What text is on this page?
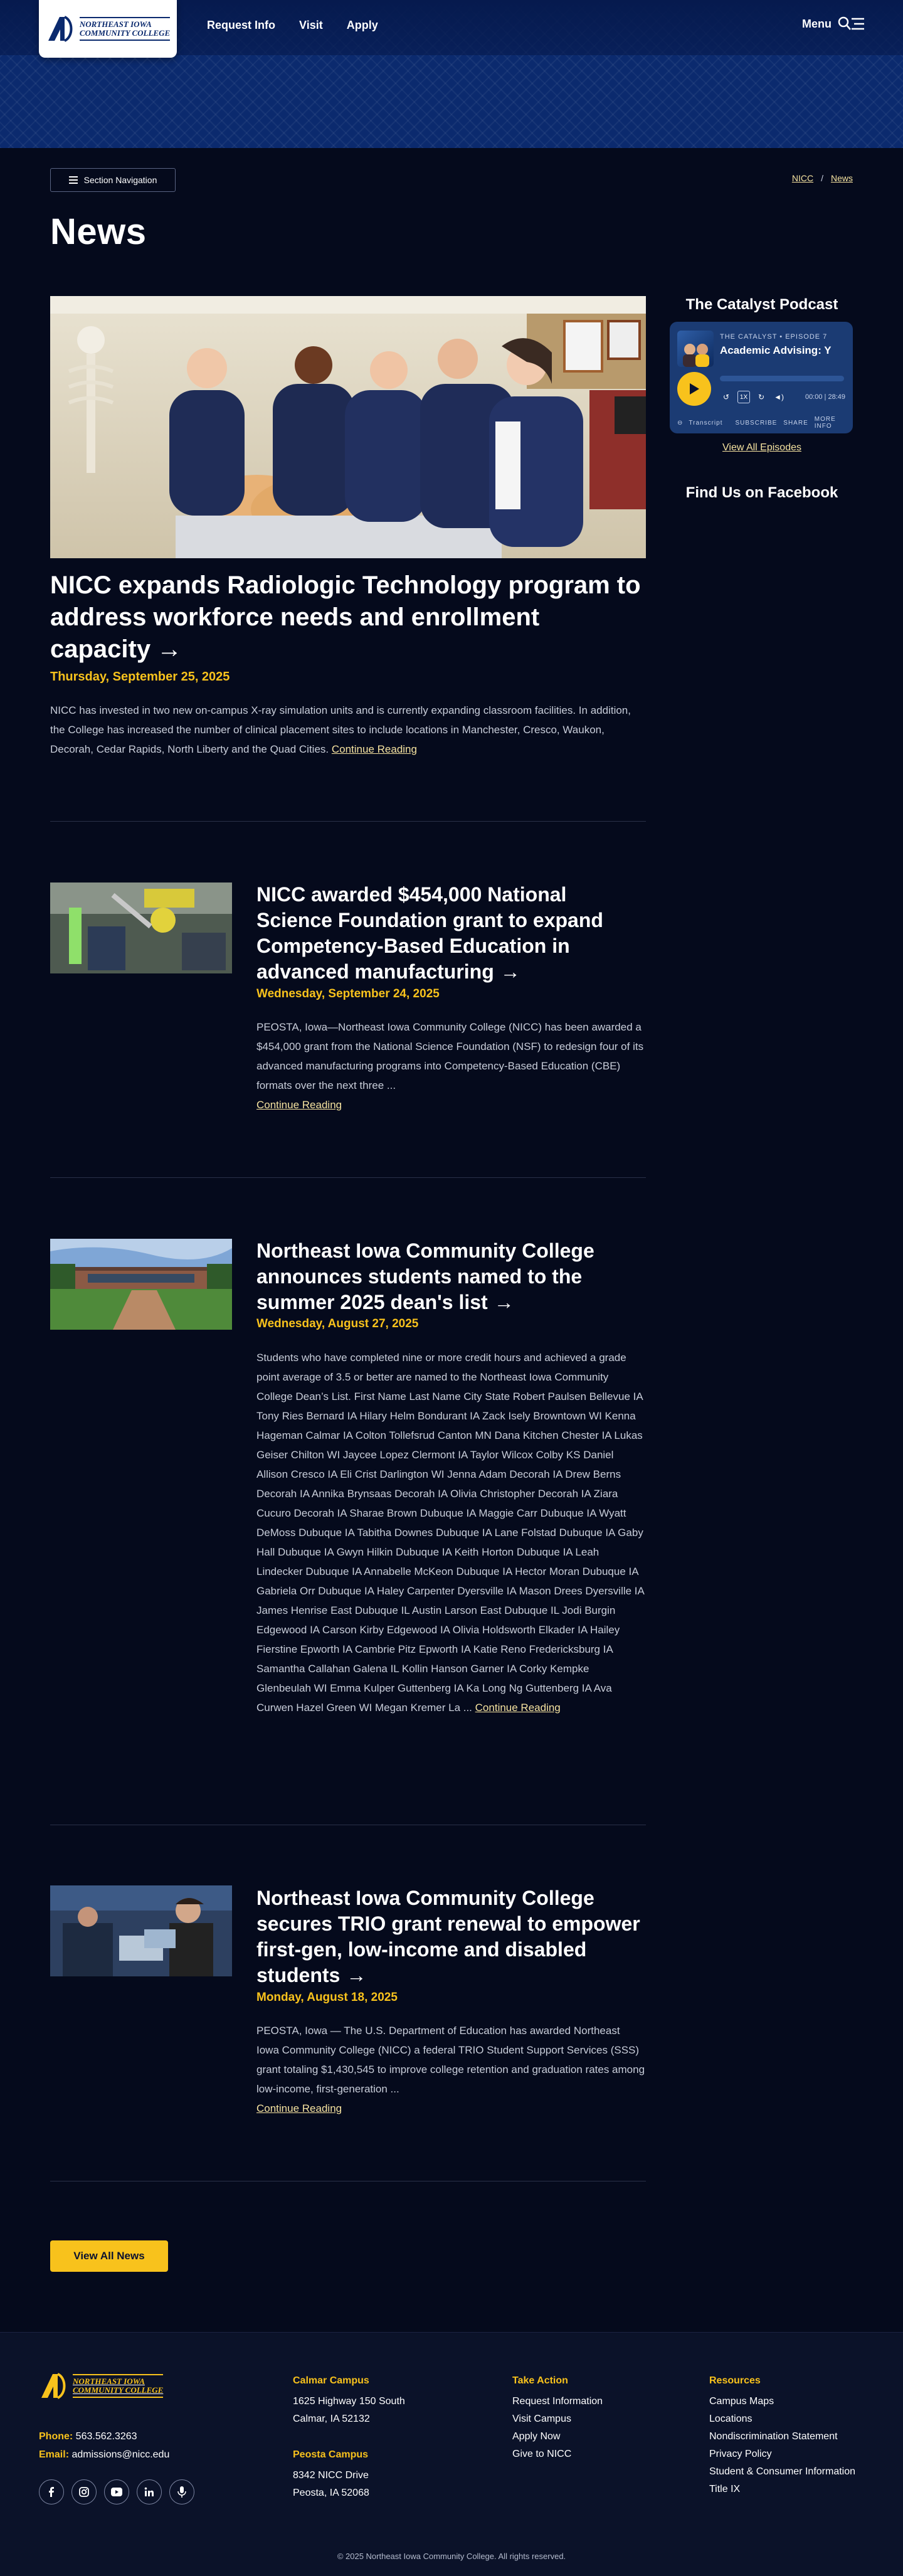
NORTHEAST IOWA
COMMUNITY COLLEGE
Request Info Visit Apply	Menu
Section Navigation	NICC / News
News
NICC expands Radiologic Technology program to address workforce needs and enrollment capacity →
Thursday, September 25, 2025

NICC has invested in two new on-campus X-ray simulation units and is currently expanding classroom facilities. In addition, the College has increased the number of clinical placement sites to include locations in Manchester, Cresco, Waukon, Decorah, Cedar Rapids, North Liberty and the Quad Cities. Continue Reading

NICC awarded $454,000 National Science Foundation grant to expand Competency-Based Education in advanced manufacturing →
Wednesday, September 24, 2025

PEOSTA, Iowa—Northeast Iowa Community College (NICC) has been awarded a $454,000 grant from the National Science Foundation (NSF) to redesign four of its advanced manufacturing programs into Competency-Based Education (CBE) formats over the next three ...
Continue Reading

Northeast Iowa Community College announces students named to the summer 2025 dean's list →
Wednesday, August 27, 2025

Students who have completed nine or more credit hours and achieved a grade point average of 3.5 or better are named to the Northeast Iowa Community College Dean’s List. First Name Last Name City State Robert Paulsen Bellevue IA Tony Ries Bernard IA Hilary Helm Bondurant IA Zack Isely Browntown WI Kenna Hageman Calmar IA Colton Tollefsrud Canton MN Dana Kitchen Chester IA Lukas Geiser Chilton WI Jaycee Lopez Clermont IA Taylor Wilcox Colby KS Daniel Allison Cresco IA Eli Crist Darlington WI Jenna Adam Decorah IA Drew Berns Decorah IA Annika Brynsaas Decorah IA Olivia Christopher Decorah IA Ziara Cucuro Decorah IA Sharae Brown Dubuque IA Maggie Carr Dubuque IA Wyatt DeMoss Dubuque IA Tabitha Downes Dubuque IA Lane Folstad Dubuque IA Gaby Hall Dubuque IA Gwyn Hilkin Dubuque IA Keith Horton Dubuque IA Leah Lindecker Dubuque IA Annabelle McKeon Dubuque IA Hector Moran Dubuque IA Gabriela Orr Dubuque IA Haley Carpenter Dyersville IA Mason Drees Dyersville IA James Henrise East Dubuque IL Austin Larson East Dubuque IL Jodi Burgin Edgewood IA Carson Kirby Edgewood IA Olivia Holdsworth Elkader IA Hailey Fierstine Epworth IA Cambrie Pitz Epworth IA Katie Reno Fredericksburg IA Samantha Callahan Galena IL Kollin Hanson Garner IA Corky Kempke Glenbeulah WI Emma Kulper Guttenberg IA Ka Long Ng Guttenberg IA Ava Curwen Hazel Green WI Megan Kremer La ... Continue Reading

Northeast Iowa Community College secures TRIO grant renewal to empower first-gen, low-income and disabled students →
Monday, August 18, 2025

PEOSTA, Iowa — The U.S. Department of Education has awarded Northeast Iowa Community College (NICC) a federal TRIO Student Support Services (SSS) grant totaling $1,430,545 to improve college retention and graduation rates among low-income, first-generation ...
Continue Reading

View All News
The Catalyst Podcast
THE CATALYST • EPISODE 7
Academic Advising: Y
↺	1X	↻	◄)	00:00 | 28:49
⊖ Transcript SUBSCRIBE SHARE MORE INFO
View All Episodes
Find Us on Facebook
NORTHEAST IOWA
COMMUNITY COLLEGE
Phone: 563.562.3263
Email: admissions@nicc.edu
Calmar Campus
1625 Highway 150 South
Calmar, IA 52132
Peosta Campus
8342 NICC Drive
Peosta, IA 52068
Take Action
Request Information
Visit Campus
Apply Now
Give to NICC
Resources
Campus Maps
Locations
Nondiscrimination Statement
Privacy Policy
Student & Consumer Information
Title IX
© 2025 Northeast Iowa Community College. All rights reserved.
